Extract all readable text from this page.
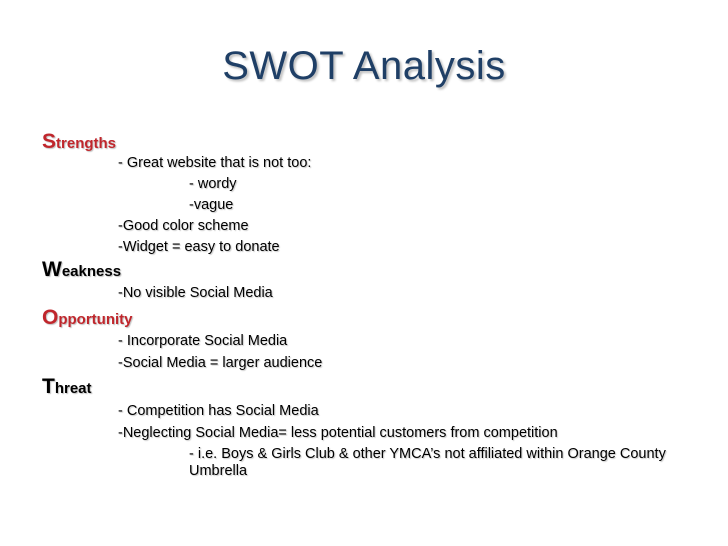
SWOT Analysis
Strengths
- Great website that is not too:
- wordy
-vague
-Good color scheme
-Widget = easy to donate
Weakness
-No visible Social Media
Opportunity
- Incorporate Social Media
-Social Media = larger audience
Threat
- Competition has Social Media
-Neglecting Social Media= less potential customers from competition
- i.e. Boys & Girls Club & other YMCA’s not affiliated within Orange County Umbrella
